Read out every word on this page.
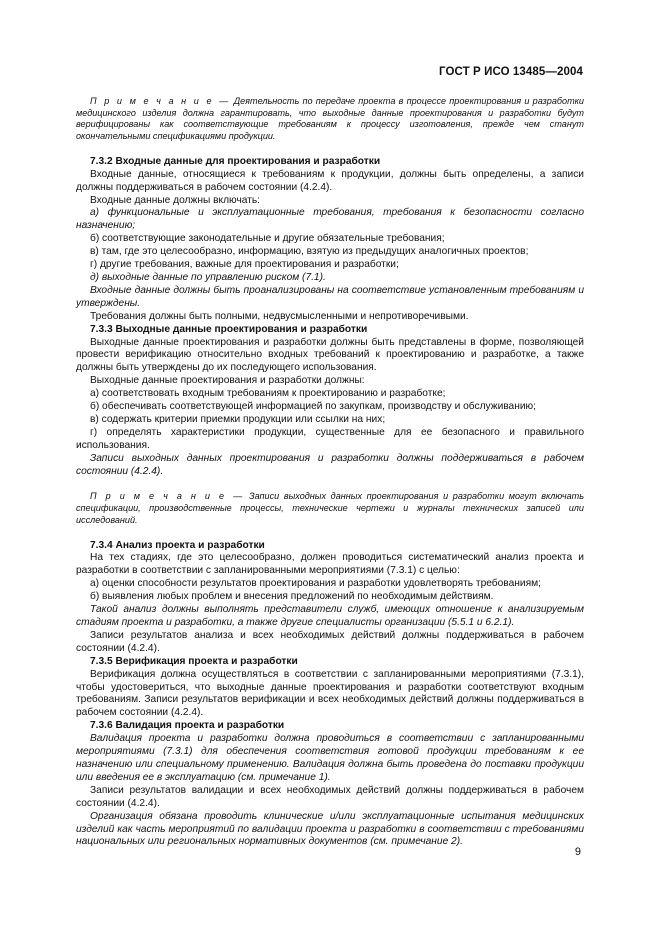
ГОСТ Р ИСО 13485—2004

П р и м е ч а н и е — Деятельность по передаче проекта в процессе проектирования и разработки медицинского изделия должна гарантировать, что выходные данные проектирования и разработки будут верифицированы как соответствующие требованиям к процессу изготовления, прежде чем станут окончательными спецификациями продукции.

7.3.2 Входные данные для проектирования и разработки

Входные данные, относящиеся к требованиям к продукции, должны быть определены, а записи должны поддерживаться в рабочем состоянии (4.2.4).

Входные данные должны включать:

а) функциональные и эксплуатационные требования, требования к безопасности согласно назначению;

б) соответствующие законодательные и другие обязательные требования;

в) там, где это целесообразно, информацию, взятую из предыдущих аналогичных проектов;

г) другие требования, важные для проектирования и разработки;

д) выходные данные по управлению риском (7.1).

Входные данные должны быть проанализированы на соответствие установленным требованиям и утверждены.

Требования должны быть полными, недвусмысленными и непротиворечивыми.

7.3.3 Выходные данные проектирования и разработки

Выходные данные проектирования и разработки должны быть представлены в форме, позволяющей провести верификацию относительно входных требований к проектированию и разработке, а также должны быть утверждены до их последующего использования.

Выходные данные проектирования и разработки должны:

а) соответствовать входным требованиям к проектированию и разработке;

б) обеспечивать соответствующей информацией по закупкам, производству и обслуживанию;

в) содержать критерии приемки продукции или ссылки на них;

г) определять характеристики продукции, существенные для ее безопасного и правильного использования.

Записи выходных данных проектирования и разработки должны поддерживаться в рабочем состоянии (4.2.4).

П р и м е ч а н и е — Записи выходных данных проектирования и разработки могут включать спецификации, производственные процессы, технические чертежи и журналы технических записей или исследований.

7.3.4 Анализ проекта и разработки

На тех стадиях, где это целесообразно, должен проводиться систематический анализ проекта и разработки в соответствии с запланированными мероприятиями (7.3.1) с целью:

а) оценки способности результатов проектирования и разработки удовлетворять требованиям;

б) выявления любых проблем и внесения предложений по необходимым действиям.

Такой анализ должны выполнять представители служб, имеющих отношение к анализируемым стадиям проекта и разработки, а также другие специалисты организации (5.5.1 и 6.2.1).

Записи результатов анализа и всех необходимых действий должны поддерживаться в рабочем состоянии (4.2.4).

7.3.5 Верификация проекта и разработки

Верификация должна осуществляться в соответствии с запланированными мероприятиями (7.3.1), чтобы удостовериться, что выходные данные проектирования и разработки соответствуют входным требованиям. Записи результатов верификации и всех необходимых действий должны поддерживаться в рабочем состоянии (4.2.4).

7.3.6 Валидация проекта и разработки

Валидация проекта и разработки должна проводиться в соответствии с запланированными мероприятиями (7.3.1) для обеспечения соответствия готовой продукции требованиям к ее назначению или специальному применению. Валидация должна быть проведена до поставки продукции или введения ее в эксплуатацию (см. примечание 1).

Записи результатов валидации и всех необходимых действий должны поддерживаться в рабочем состоянии (4.2.4).

Организация обязана проводить клинические и/или эксплуатационные испытания медицинских изделий как часть мероприятий по валидации проекта и разработки в соответствии с требованиями национальных или региональных нормативных документов (см. примечание 2).

9
